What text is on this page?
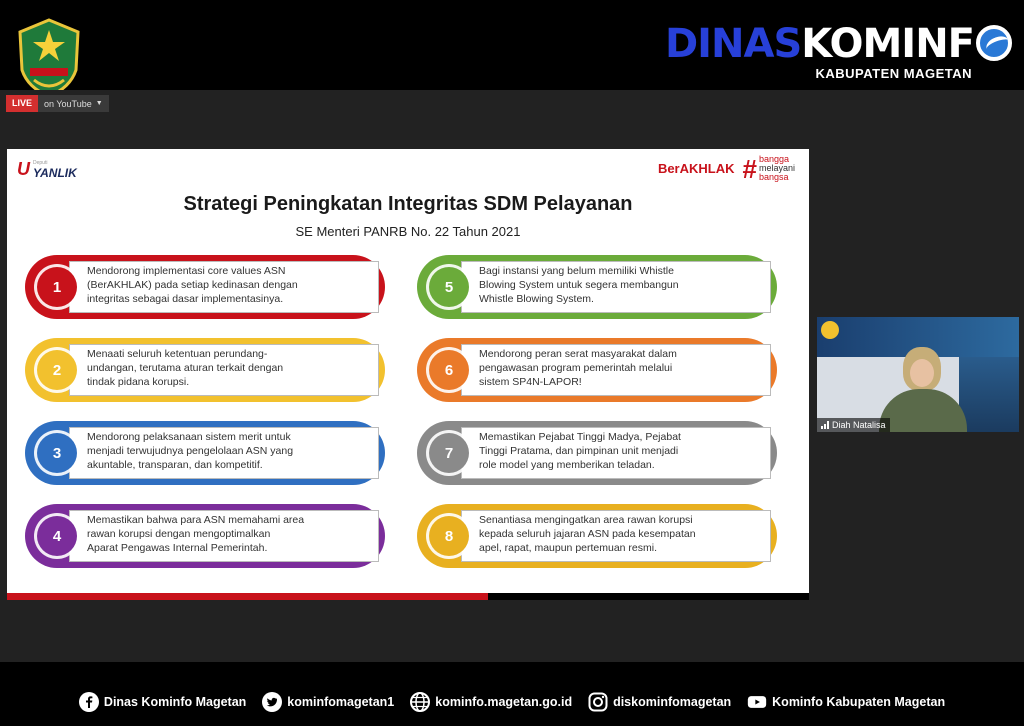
DINASKOMINF
KABUPATEN MAGETAN
LIVE	on YouTube ▼
U Deputi
YANLIK	BerAKHLAK # bangga
melayani
bangsa
Strategi Peningkatan Integritas SDM Pelayanan
SE Menteri PANRB No. 22 Tahun 2021
1
Mendorong implementasi core values ASN
(BerAKHLAK) pada setiap kedinasan dengan
integritas sebagai dasar implementasinya.
2
Menaati seluruh ketentuan perundang-
undangan, terutama aturan terkait dengan
tindak pidana korupsi.
3
Mendorong pelaksanaan sistem merit untuk
menjadi terwujudnya pengelolaan ASN yang
akuntable, transparan, dan kompetitif.
4
Memastikan bahwa para ASN memahami area
rawan korupsi dengan mengoptimalkan
Aparat Pengawas Internal Pemerintah.
5
Bagi instansi yang belum memiliki Whistle
Blowing System untuk segera membangun
Whistle Blowing System.
6
Mendorong peran serat masyarakat dalam
pengawasan program pemerintah melalui
sistem SP4N-LAPOR!
7
Memastikan Pejabat Tinggi Madya, Pejabat
Tinggi Pratama, dan pimpinan unit menjadi
role model yang memberikan teladan.
8
Senantiasa mengingatkan area rawan korupsi
kepada seluruh jajaran ASN pada kesempatan
apel, rapat, maupun pertemuan resmi.
Diah Natalisa
Dinas Kominfo Magetan	kominfomagetan1	kominfo.magetan.go.id	diskominfomagetan	Kominfo Kabupaten Magetan
